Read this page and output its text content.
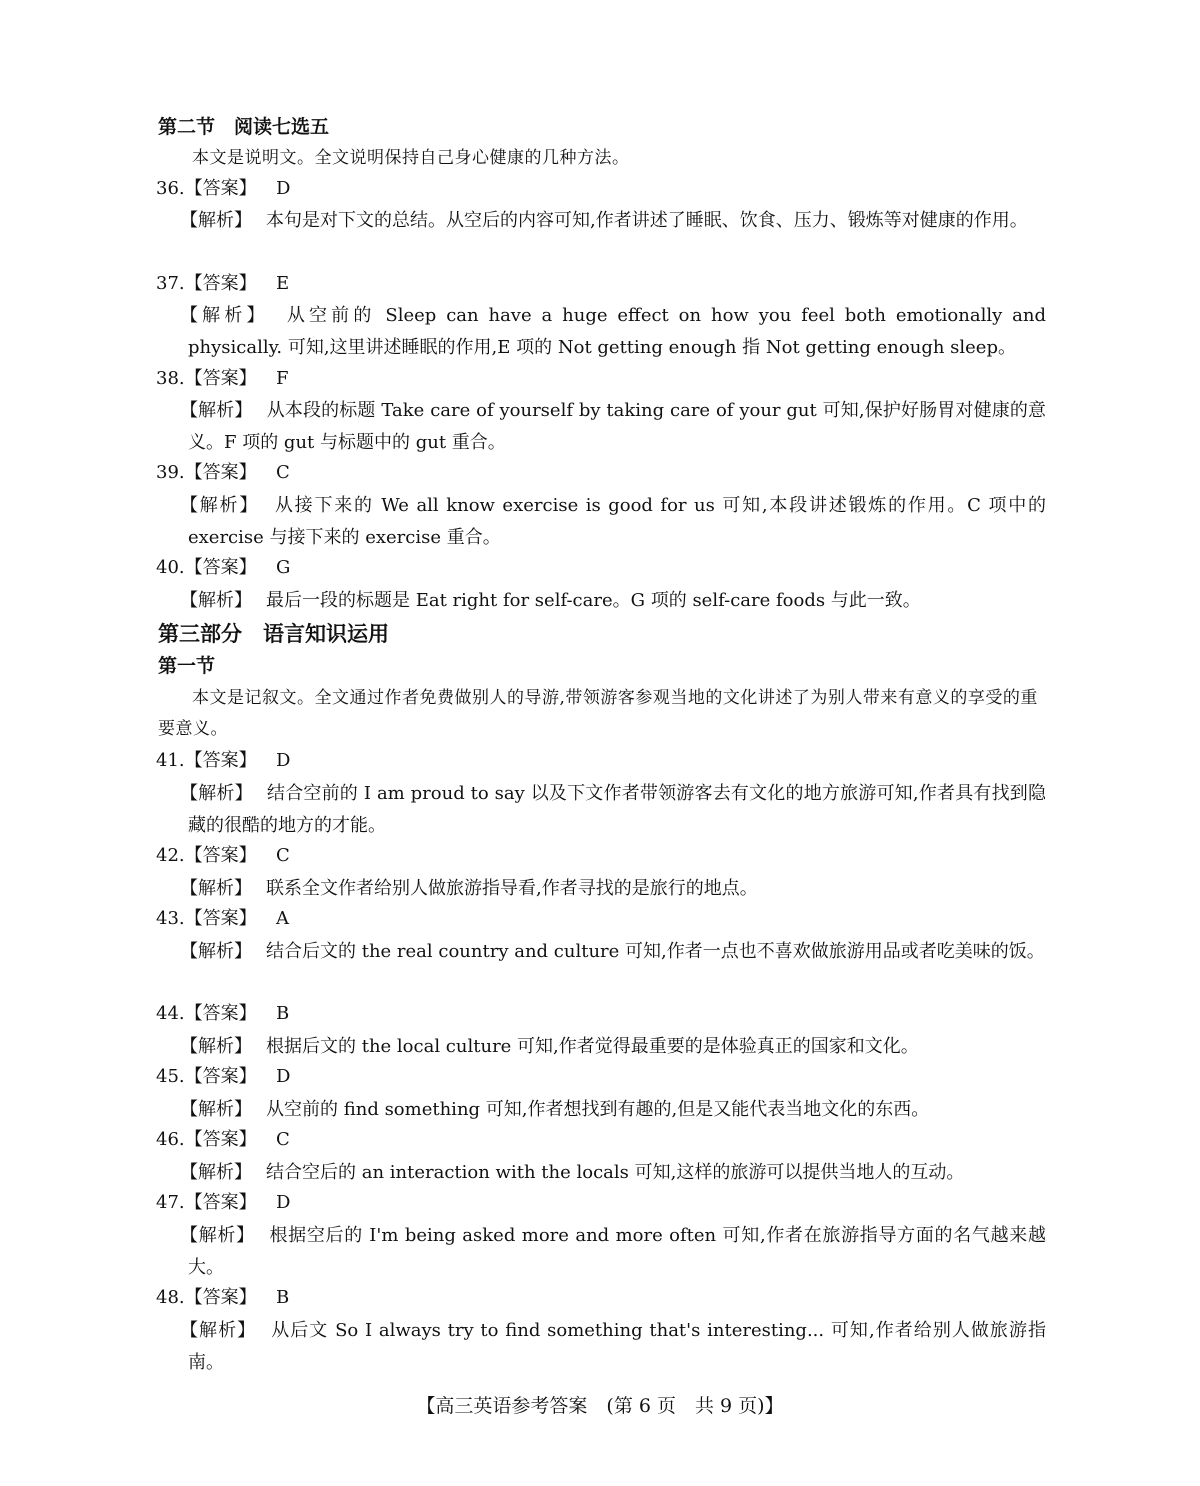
第二节　阅读七选五
本文是说明文。全文说明保持自己身心健康的几种方法。
36.【答案】 D
【解析】 本句是对下文的总结。从空后的内容可知,作者讲述了睡眠、饮食、压力、锻炼等对健康的作用。
37.【答案】 E
【解析】 从空前的 Sleep can have a huge effect on how you feel both emotionally and physically. 可知,这里讲述睡眠的作用,E 项的 Not getting enough 指 Not getting enough sleep。
38.【答案】 F
【解析】 从本段的标题 Take care of yourself by taking care of your gut 可知,保护好肠胃对健康的意义。F 项的 gut 与标题中的 gut 重合。
39.【答案】 C
【解析】 从接下来的 We all know exercise is good for us 可知,本段讲述锻炼的作用。C 项中的 exercise 与接下来的 exercise 重合。
40.【答案】 G
【解析】 最后一段的标题是 Eat right for self-care。G 项的 self-care foods 与此一致。
第三部分　语言知识运用
第一节
本文是记叙文。全文通过作者免费做别人的导游,带领游客参观当地的文化讲述了为别人带来有意义的享受的重要意义。
41.【答案】 D
【解析】 结合空前的 I am proud to say 以及下文作者带领游客去有文化的地方旅游可知,作者具有找到隐藏的很酷的地方的才能。
42.【答案】 C
【解析】 联系全文作者给别人做旅游指导看,作者寻找的是旅行的地点。
43.【答案】 A
【解析】 结合后文的 the real country and culture 可知,作者一点也不喜欢做旅游用品或者吃美味的饭。
44.【答案】 B
【解析】 根据后文的 the local culture 可知,作者觉得最重要的是体验真正的国家和文化。
45.【答案】 D
【解析】 从空前的 find something 可知,作者想找到有趣的,但是又能代表当地文化的东西。
46.【答案】 C
【解析】 结合空后的 an interaction with the locals 可知,这样的旅游可以提供当地人的互动。
47.【答案】 D
【解析】 根据空后的 I'm being asked more and more often 可知,作者在旅游指导方面的名气越来越大。
48.【答案】 B
【解析】 从后文 So I always try to find something that's interesting... 可知,作者给别人做旅游指南。
【高三英语参考答案　(第 6 页　共 9 页)】
